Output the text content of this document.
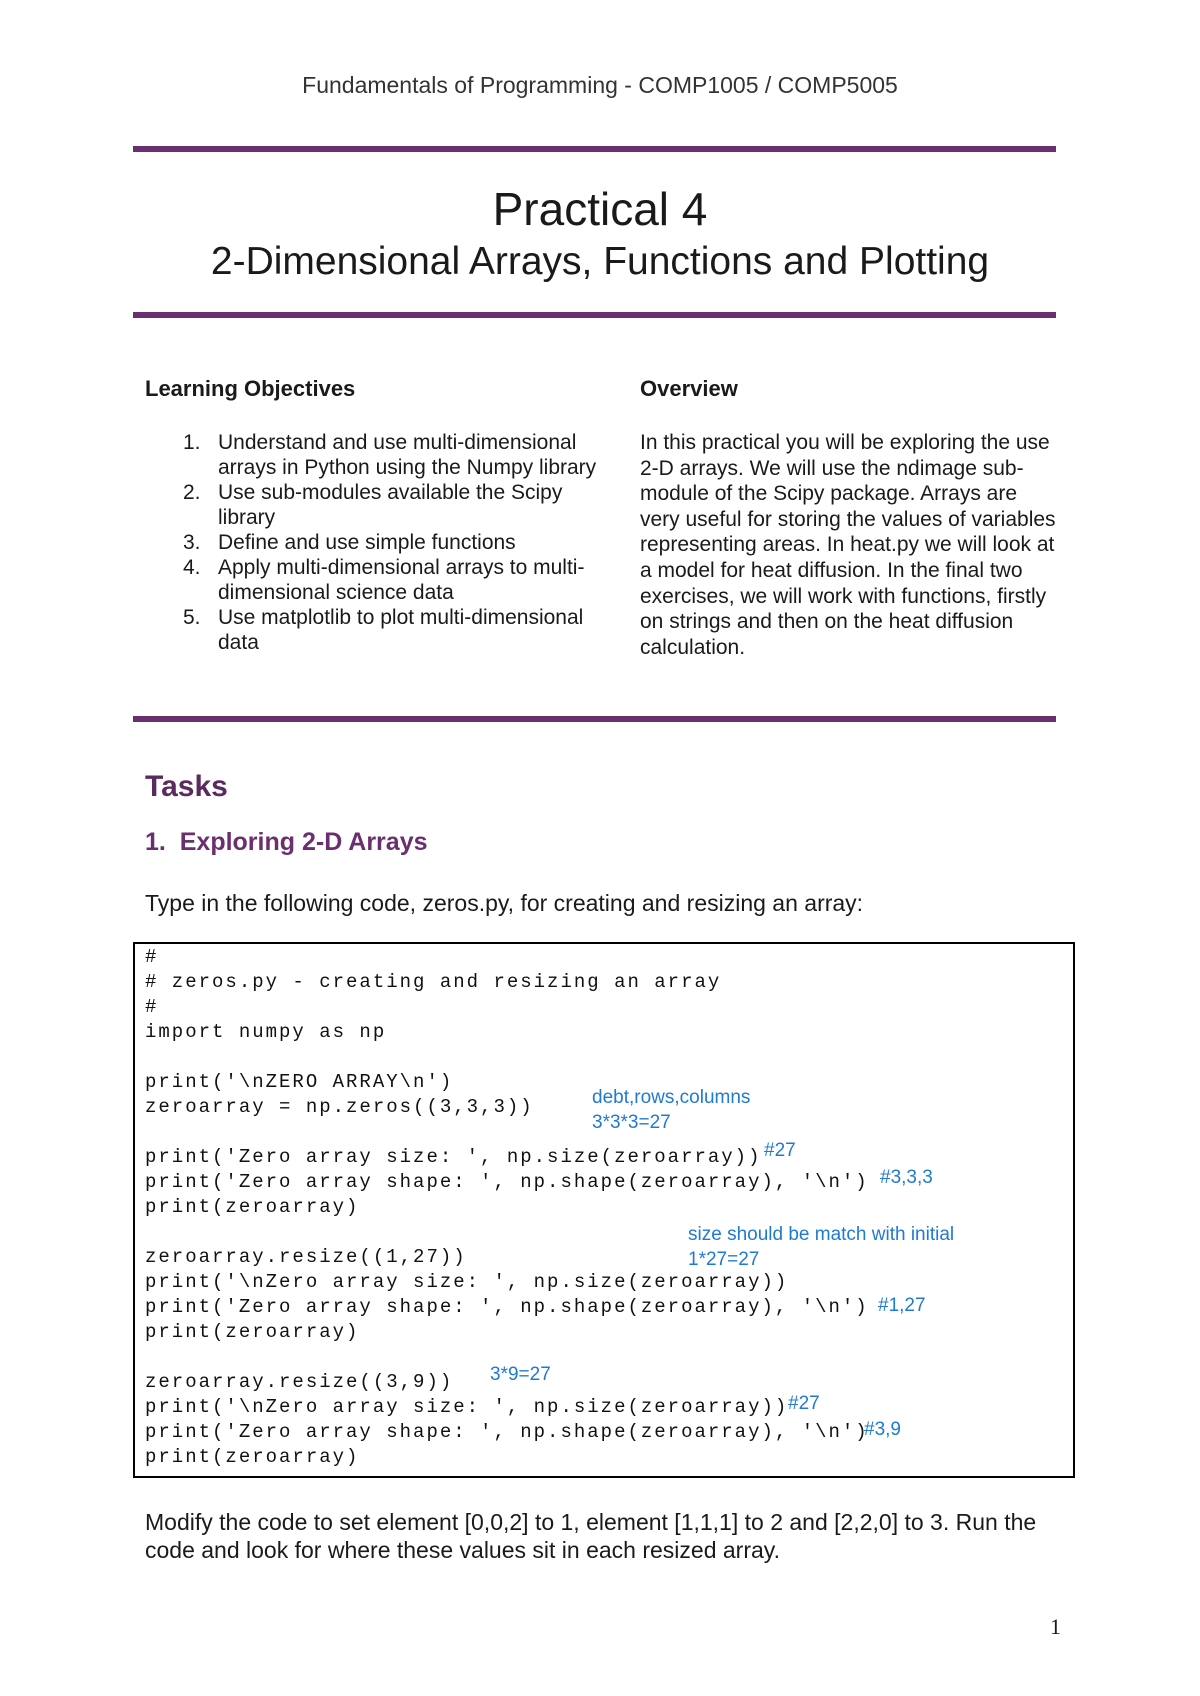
Fundamentals of Programming - COMP1005 / COMP5005
Practical 4
2-Dimensional Arrays, Functions and Plotting
Learning Objectives
1. Understand and use multi-dimensional arrays in Python using the Numpy library
2. Use sub-modules available the Scipy library
3. Define and use simple functions
4. Apply multi-dimensional arrays to multi-dimensional science data
5. Use matplotlib to plot multi-dimensional data
Overview
In this practical you will be exploring the use 2-D arrays. We will use the ndimage sub-module of the Scipy package. Arrays are very useful for storing the values of variables representing areas. In heat.py we will look at a model for heat diffusion. In the final two exercises, we will work with functions, firstly on strings and then on the heat diffusion calculation.
Tasks
1.  Exploring 2-D Arrays
Type in the following code, zeros.py, for creating and resizing an array:
#
# zeros.py - creating and resizing an array
#
import numpy as np
print('\nZERO ARRAY\n')
zeroarray = np.zeros((3,3,3))
print('Zero array size: ', np.size(zeroarray))
print('Zero array shape: ', np.shape(zeroarray), '\n')
print(zeroarray)
zeroarray.resize((1,27))
print('\nZero array size: ', np.size(zeroarray))
print('Zero array shape: ', np.shape(zeroarray), '\n')
print(zeroarray)
zeroarray.resize((3,9))
print('\nZero array size: ', np.size(zeroarray))
print('Zero array shape: ', np.shape(zeroarray), '\n')
print(zeroarray)
debt,rows,columns
3*3*3=27
#27
#3,3,3
size should be match with initial
1*27=27
#1,27
3*9=27
#27
#3,9
Modify the code to set element [0,0,2] to 1, element [1,1,1] to 2 and [2,2,0] to 3. Run the code and look for where these values sit in each resized array.
1
